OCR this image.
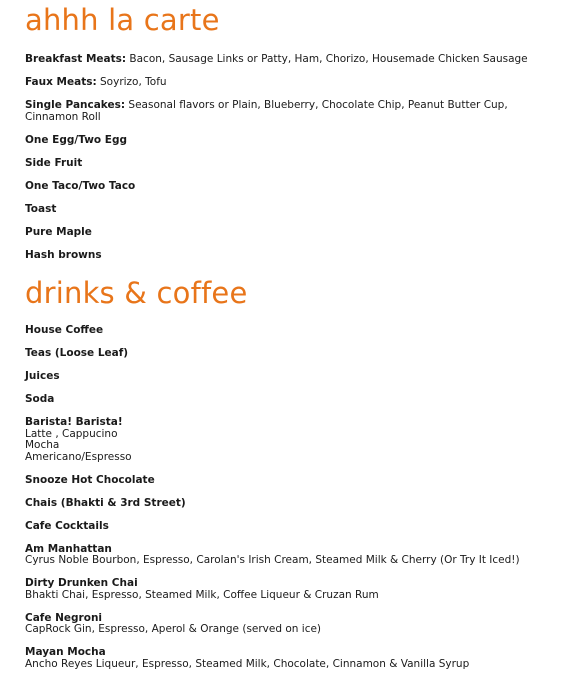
ahhh la carte
Breakfast Meats: Bacon, Sausage Links or Patty, Ham, Chorizo, Housemade Chicken Sausage
Faux Meats: Soyrizo, Tofu
Single Pancakes: Seasonal flavors or Plain, Blueberry, Chocolate Chip, Peanut Butter Cup, Cinnamon Roll
One Egg/Two Egg
Side Fruit
One Taco/Two Taco
Toast
Pure Maple
Hash browns
drinks & coffee
House Coffee
Teas (Loose Leaf)
Juices
Soda
Barista! Barista!
Latte , Cappucino
Mocha
Americano/Espresso
Snooze Hot Chocolate
Chais (Bhakti & 3rd Street)
Cafe Cocktails
Am Manhattan
Cyrus Noble Bourbon, Espresso, Carolan's Irish Cream, Steamed Milk & Cherry (Or Try It Iced!)
Dirty Drunken Chai
Bhakti Chai, Espresso, Steamed Milk, Coffee Liqueur & Cruzan Rum
Cafe Negroni
CapRock Gin, Espresso, Aperol & Orange (served on ice)
Mayan Mocha
Ancho Reyes Liqueur, Espresso, Steamed Milk, Chocolate, Cinnamon & Vanilla Syrup
